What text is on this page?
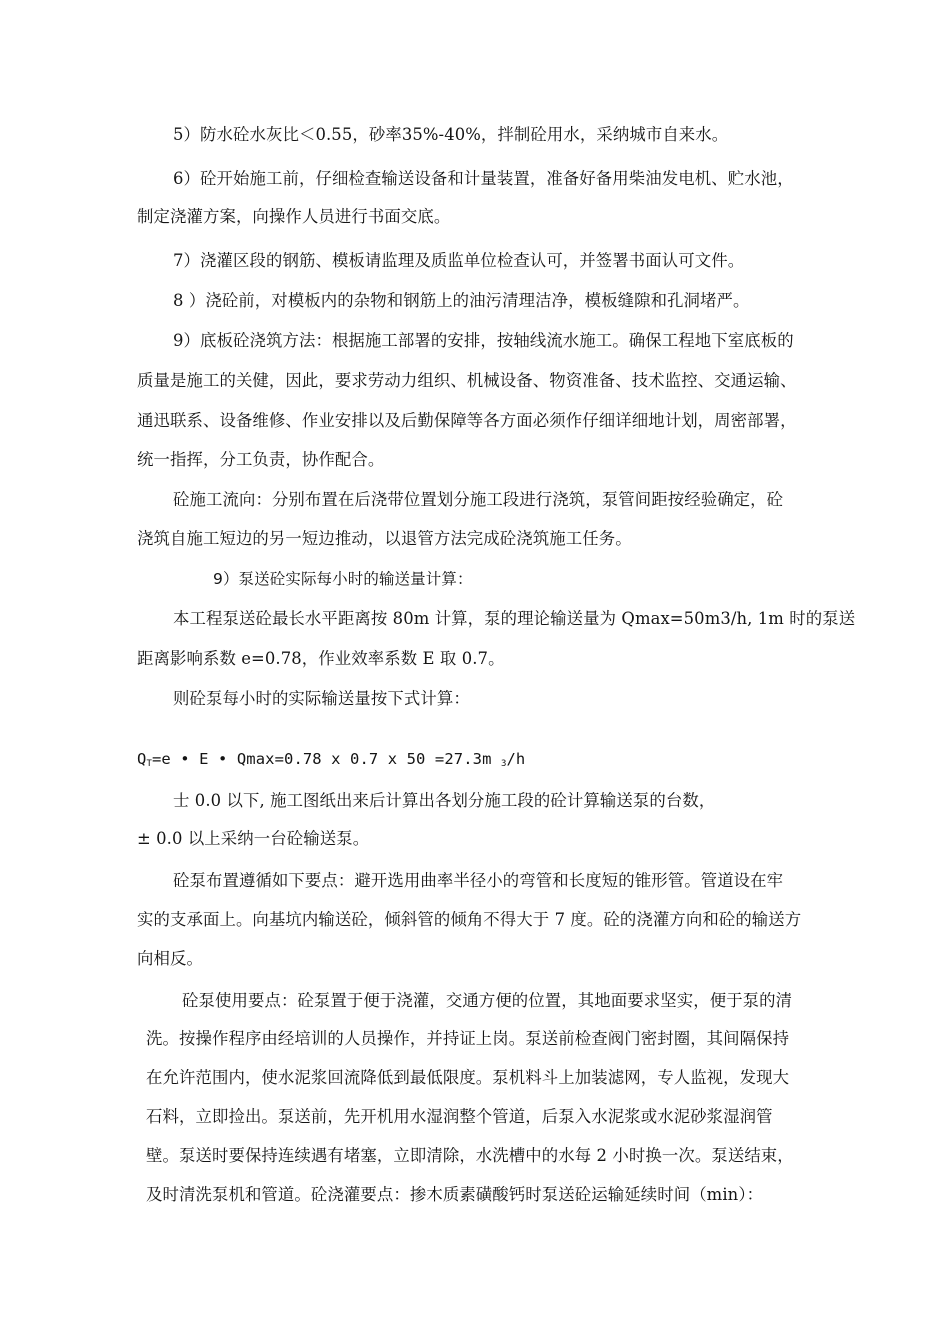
5）防水砼水灰比＜0.55，砂率35%-40%，拌制砼用水，采纳城市自来水。
6）砼开始施工前，仔细检查输送设备和计量装置，准备好备用柴油发电机、贮水池，
制定浇灌方案，向操作人员进行书面交底。
7）浇灌区段的钢筋、模板请监理及质监单位检查认可，并签署书面认可文件。
8 ）浇砼前，对模板内的杂物和钢筋上的油污清理洁净，模板缝隙和孔洞堵严。
9）底板砼浇筑方法：根据施工部署的安排，按轴线流水施工。确保工程地下室底板的
质量是施工的关健，因此，要求劳动力组织、机械设备、物资准备、技术监控、交通运输、
通迅联系、设备维修、作业安排以及后勤保障等各方面必须作仔细详细地计划，周密部署，
统一指挥，分工负责，协作配合。
砼施工流向：分别布置在后浇带位置划分施工段进行浇筑，泵管间距按经验确定，砼
浇筑自施工短边的另一短边推动，以退管方法完成砼浇筑施工任务。
9）泵送砼实际每小时的输送量计算：
本工程泵送砼最长水平距离按 80m 计算，泵的理论输送量为 Qmax=50m3/h, 1m 时的泵送
距离影响系数 e=0.78，作业效率系数 E 取 0.7。
则砼泵每小时的实际输送量按下式计算：
$Q_T=e$ • E • Qmax=0.78 x 0.7 x 50 =27.3m $_3$/h
士 0.0 以下, 施工图纸出来后计算出各划分施工段的砼计算输送泵的台数，
± 0.0 以上采纳一台砼输送泵。
砼泵布置遵循如下要点：避开选用曲率半径小的弯管和长度短的锥形管。管道设在牢
实的支承面上。向基坑内输送砼，倾斜管的倾角不得大于 7 度。砼的浇灌方向和砼的输送方
向相反。
砼泵使用要点：砼泵置于便于浇灌，交通方便的位置，其地面要求坚实，便于泵的清
洗。按操作程序由经培训的人员操作，并持证上岗。泵送前检查阀门密封圈，其间隔保持
在允许范围内，使水泥浆回流降低到最低限度。泵机料斗上加装滤网，专人监视，发现大
石料，立即捡出。泵送前，先开机用水湿润整个管道，后泵入水泥浆或水泥砂浆湿润管
壁。泵送时要保持连续遇有堵塞，立即清除，水洗槽中的水每 2 小时换一次。泵送结束，
及时清洗泵机和管道。砼浇灌要点：掺木质素磺酸钙时泵送砼运输延续时间（min）：
